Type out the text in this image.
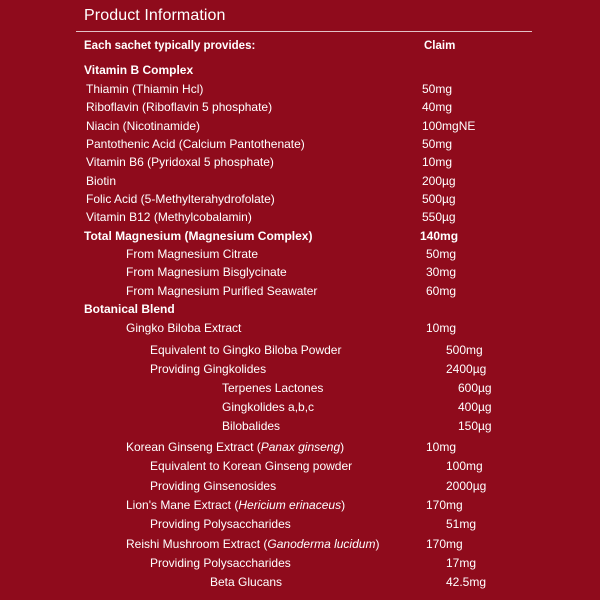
Product Information
Each sachet typically provides:	Claim
Vitamin B Complex
Thiamin (Thiamin Hcl)	50mg
Riboflavin (Riboflavin 5 phosphate)	40mg
Niacin (Nicotinamide)	100mgNE
Pantothenic Acid (Calcium Pantothenate)	50mg
Vitamin B6 (Pyridoxal 5 phosphate)	10mg
Biotin	200µg
Folic Acid (5-Methylterahydrofolate)	500µg
Vitamin B12 (Methylcobalamin)	550µg
Total Magnesium (Magnesium Complex)	140mg
From Magnesium Citrate	50mg
From Magnesium Bisglycinate	30mg
From Magnesium Purified Seawater	60mg
Botanical Blend
Gingko Biloba Extract	10mg
Equivalent to Gingko Biloba Powder	500mg
Providing Gingkolides	2400µg
Terpenes Lactones	600µg
Gingkolides a,b,c	400µg
Bilobalides	150µg
Korean Ginseng Extract (Panax ginseng)	10mg
Equivalent to Korean Ginseng powder	100mg
Providing Ginsenosides	2000µg
Lion's Mane Extract (Hericium erinaceus)	170mg
Providing Polysaccharides	51mg
Reishi Mushroom Extract (Ganoderma lucidum)	170mg
Providing Polysaccharides	17mg
Beta Glucans	42.5mg
